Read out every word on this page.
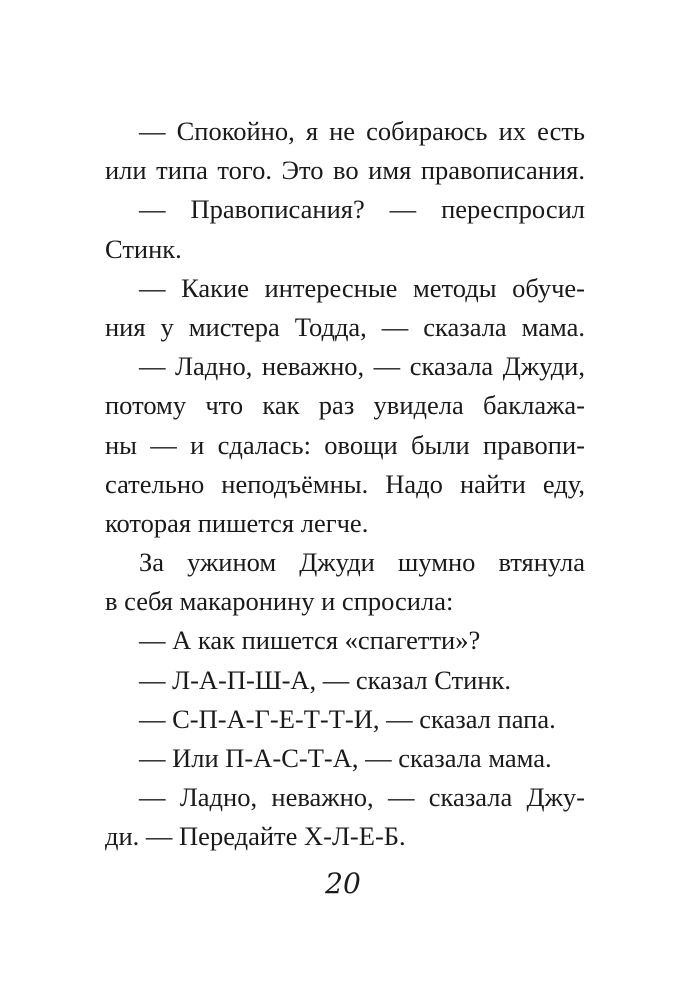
— Спокойно, я не собираюсь их есть
или типа того. Это во имя правописания.
— Правописания? — переспросил
Стинк.
— Какие интересные методы обуче-
ния у мистера Тодда, — сказала мама.
— Ладно, неважно, — сказала Джуди,
потому что как раз увидела баклажа-
ны — и сдалась: овощи были правопи-
сательно неподъёмны. Надо найти еду,
которая пишется легче.
За ужином Джуди шумно втянула
в себя макаронину и спросила:
— А как пишется «спагетти»?
— Л-А-П-Ш-А, — сказал Стинк.
— С-П-А-Г-Е-Т-Т-И, — сказал папа.
— Или П-А-С-Т-А, — сказала мама.
— Ладно, неважно, — сказала Джу-
ди. — Передайте Х-Л-Е-Б.
20
